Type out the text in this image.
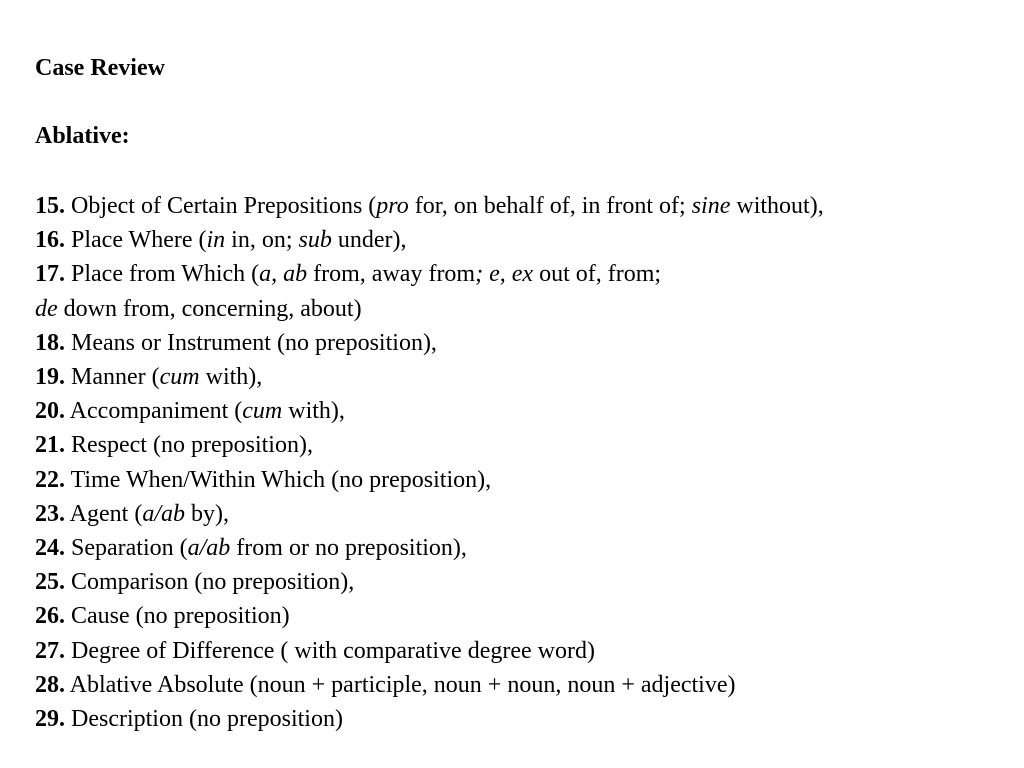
Case Review
Ablative:
15. Object of Certain Prepositions (pro for, on behalf of, in front of; sine without),
16. Place Where (in in, on; sub under),
17. Place from Which (a, ab from, away from; e, ex out of, from;
de down from, concerning, about)
18. Means or Instrument (no preposition),
19. Manner (cum with),
20. Accompaniment (cum with),
21. Respect (no preposition),
22. Time When/Within Which (no preposition),
23. Agent (a/ab by),
24. Separation (a/ab from or no preposition),
25. Comparison (no preposition),
26. Cause (no preposition)
27. Degree of Difference ( with comparative degree word)
28. Ablative Absolute (noun + participle, noun + noun, noun + adjective)
29. Description (no preposition)
